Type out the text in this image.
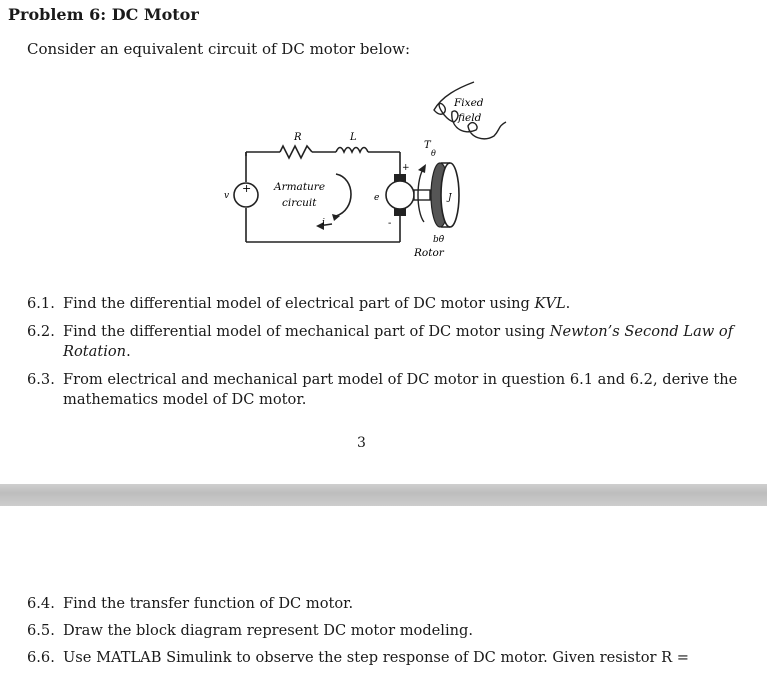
Problem 6: DC Motor
Consider an equivalent circuit of DC motor below:
R	L
v
+ Armature
circuit
i
e
+
-
T
θ
Fixed
field
J
bθ̇
Rotor
6.1. Find the differential model of electrical part of DC motor using KVL.
6.2. Find the differential model of mechanical part of DC motor using Newton’s Second Law of Rotation.
6.3. From electrical and mechanical part model of DC motor in question 6.1 and 6.2, derive the mathematics model of DC motor.
3
6.4. Find the transfer function of DC motor.
6.5. Draw the block diagram represent DC motor modeling.
6.6. Use MATLAB Simulink to observe the step response of DC motor. Given resistor R =
